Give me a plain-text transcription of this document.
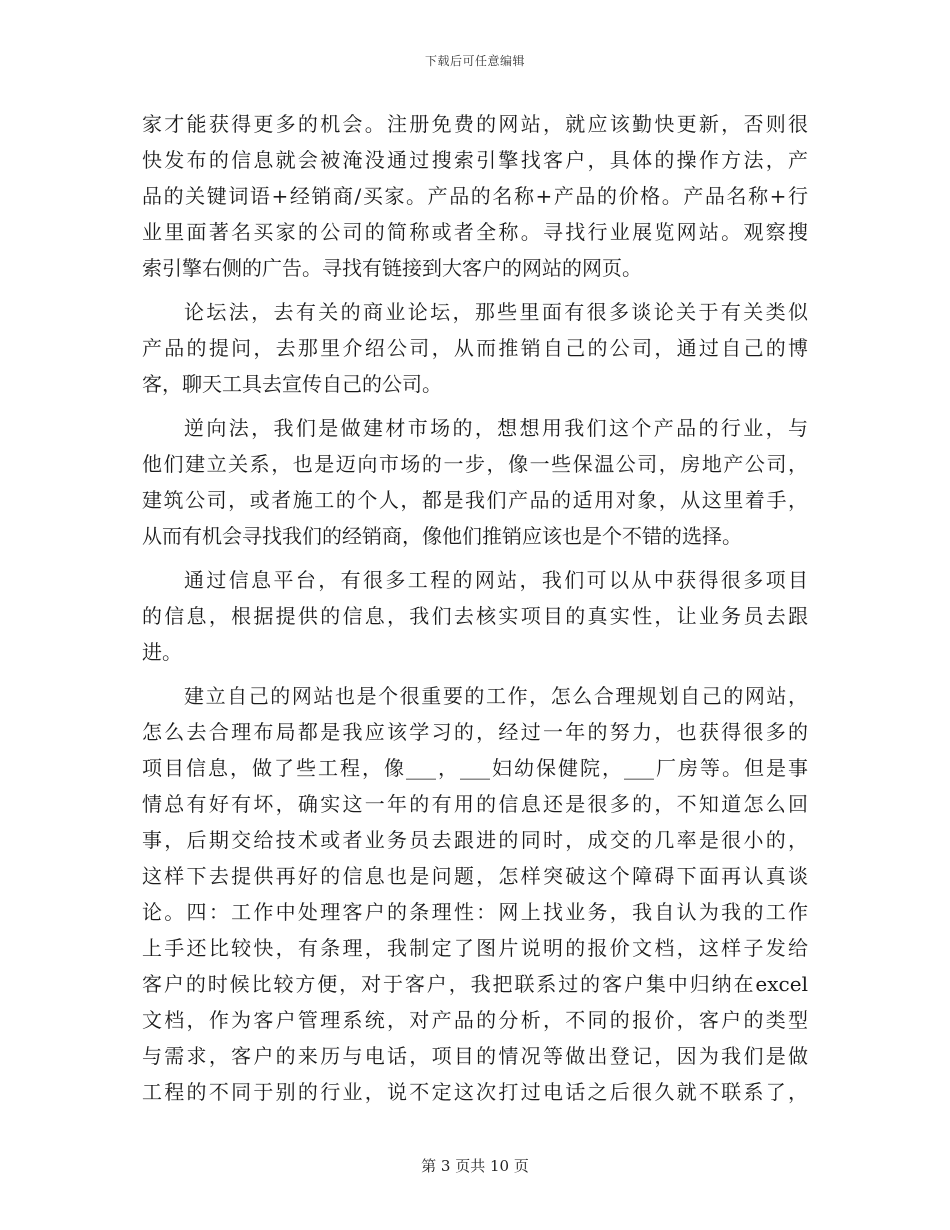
下载后可任意编辑
家才能获得更多的机会。注册免费的网站，就应该勤快更新，否则很
快发布的信息就会被淹没通过搜索引擎找客户，具体的操作方法，产
品的关键词语+经销商/买家。产品的名称+产品的价格。产品名称+行
业里面著名买家的公司的简称或者全称。寻找行业展览网站。观察搜
索引擎右侧的广告。寻找有链接到大客户的网站的网页。
论坛法，去有关的商业论坛，那些里面有很多谈论关于有关类似
产品的提问，去那里介绍公司，从而推销自己的公司，通过自己的博
客，聊天工具去宣传自己的公司。
逆向法，我们是做建材市场的，想想用我们这个产品的行业，与
他们建立关系，也是迈向市场的一步，像一些保温公司，房地产公司，
建筑公司，或者施工的个人，都是我们产品的适用对象，从这里着手，
从而有机会寻找我们的经销商，像他们推销应该也是个不错的选择。
通过信息平台，有很多工程的网站，我们可以从中获得很多项目
的信息，根据提供的信息，我们去核实项目的真实性，让业务员去跟
进。
建立自己的网站也是个很重要的工作，怎么合理规划自己的网站，
怎么去合理布局都是我应该学习的，经过一年的努力，也获得很多的
项目信息，做了些工程，像___，___妇幼保健院，___厂房等。但是事
情总有好有坏，确实这一年的有用的信息还是很多的，不知道怎么回
事，后期交给技术或者业务员去跟进的同时，成交的几率是很小的，
这样下去提供再好的信息也是问题，怎样突破这个障碍下面再认真谈
论。四：工作中处理客户的条理性：网上找业务，我自认为我的工作
上手还比较快，有条理，我制定了图片说明的报价文档，这样子发给
客户的时候比较方便，对于客户，我把联系过的客户集中归纳在excel
文档，作为客户管理系统，对产品的分析，不同的报价，客户的类型
与需求，客户的来历与电话，项目的情况等做出登记，因为我们是做
工程的不同于别的行业，说不定这次打过电话之后很久就不联系了，
第 3 页共 10 页
